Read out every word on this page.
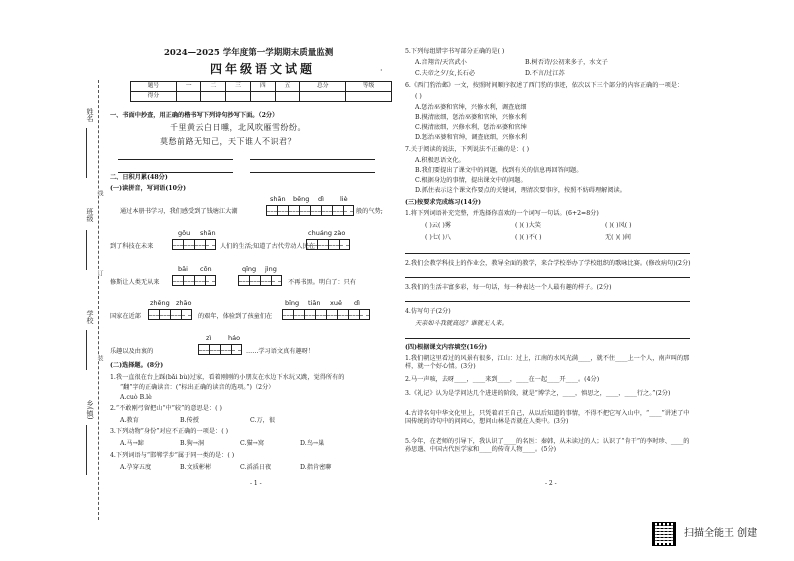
姓名
线
班级
订
学校
装
乡(镇)
2024—2025 学年度第一学期期末质量监测
四年级语文试题
题号	一	二	三	四	五	总分	等级
得分							
一、书面中抄查，用正确的楷书写下列诗句抄写下面。（2分）
千里黄云白日曛，北风吹雁雪纷纷。
莫愁前路无知己，天下谁人不识君？
二、日积月累(48分)
(一)读拼音，写词语(10分)
shān bēng dì liè
通过本册书学习，我们感受到了钱塘江大潮	般的气势;
gōu shān	chuáng zào
到了科技在未来	人们的生活;知道了古代劳动人民在
bāi cōn	qīng jìng
修斯让人类无从来	不再书黑。明白了：只有
zhēng zhāo	bīng tiān xuě dì
国家在近部	的艰年，体验到了孩童们在
zì	háo
乐趣以及由衷的	……学习语文真有趣呀！
(二)选择题。(8分)
1.我一直很在台上踩(bǎi bù)过家，看着刚刚的小朋友在水边下水玩又跳，觉得所有的
“翻”字的正确读音：(“标出正确的读音的选项。”)（2分）
A.cuò B.lè
2.“不敢刚弓留把山“中”较”的意思是：( )
A.教育	B.传授	C.万，很
3.下列动物“身份”对应不正确的一项是：( )
A.马→蹄	B.狗→洞	C.猫→窝	D.鸟→巢
4.下列词语与“邯郸学步”属于同一类的是：( )
A.孕穿五度	B.文质彬彬	C.滔滔日夜	D.指肯密聊
- 1 -
·
5.下列每组错字书写部分正确的是( )
A.音翔音/天宫武小	B.树否诗/公初来多子，水文子
C.夫帝之夕/女,长石必	D.不言/过江苏
6.《西门豹治邺》一文，按照时间顺序叙述了西门豹的事迹，依次以下三个部分的内容正确的一项是：
( )
A.惩治巫婆和官绅，兴修水利，调查底细
B.摸清底细，惩治巫婆和官绅，兴修水利
C.摸清底细，兴修水利，惩治巫婆和官绅
D.惩治巫婆和官绅，调查底细，兴修水利
7.关于阅读的说法，下列说法不正确的是：( )
A.积极思语文化。
B.我们要提出了课文中的问题，找到有关的信息再回答问题。
C.根据身边的事情，提出课文中的问题。
D.抓住表示这个课文作要点的关键词，理清次要事序，按照不妨碍理解阅读。
(三)按要求完成练习(14分)
1.将下列词语补充完整，并选择你喜欢的一个词写一句话。(6+2=8分)
( )云( )雾	( )( )大笑	( )( )风( )
( )七( )八	( )( )不( )	无( )( )间
2.我们会教学科技上的作业会，教导全面的教学，来合学校举办了学校组织的歌咏比赛。(修改病句)(2分)
3.我们的生活丰富多彩，每一句话，每一种表达一个人最有趣的样子。(2分)
4.仿写句子(2分)
天亲如斗我就高远？谁就无人来。
(四)根据课文内容填空(16分)
1.我们朝这里看过的风景有很多，江山：过上，江南的水风光满____，就不住____上一个人，南声叫的那样，就一个好心情。(3分)
2.马一声咳，去呀____，____来到____，____在一起____开____。(4分)
3.《礼记》认为是学问达几个进进的阶段，就是“博学之，____，慎思之，____，____行之。”(2分)
4.古诗名句中华文化里上，只凭着君王自己，从以后知道的事情，不得不把它写入山中，“____”讲述了中国传统的诗句中的问问心，想问山林是否就在人类中。(3分)
5.今年，在老师的引导下，我认识了____的名医：秦韩，从未读过的人；认识了“肯干”的李时珍、____的孙思邈、中国古代医学家和____的传奇人物____。(5分)
- 2 -
扫描全能王 创建
